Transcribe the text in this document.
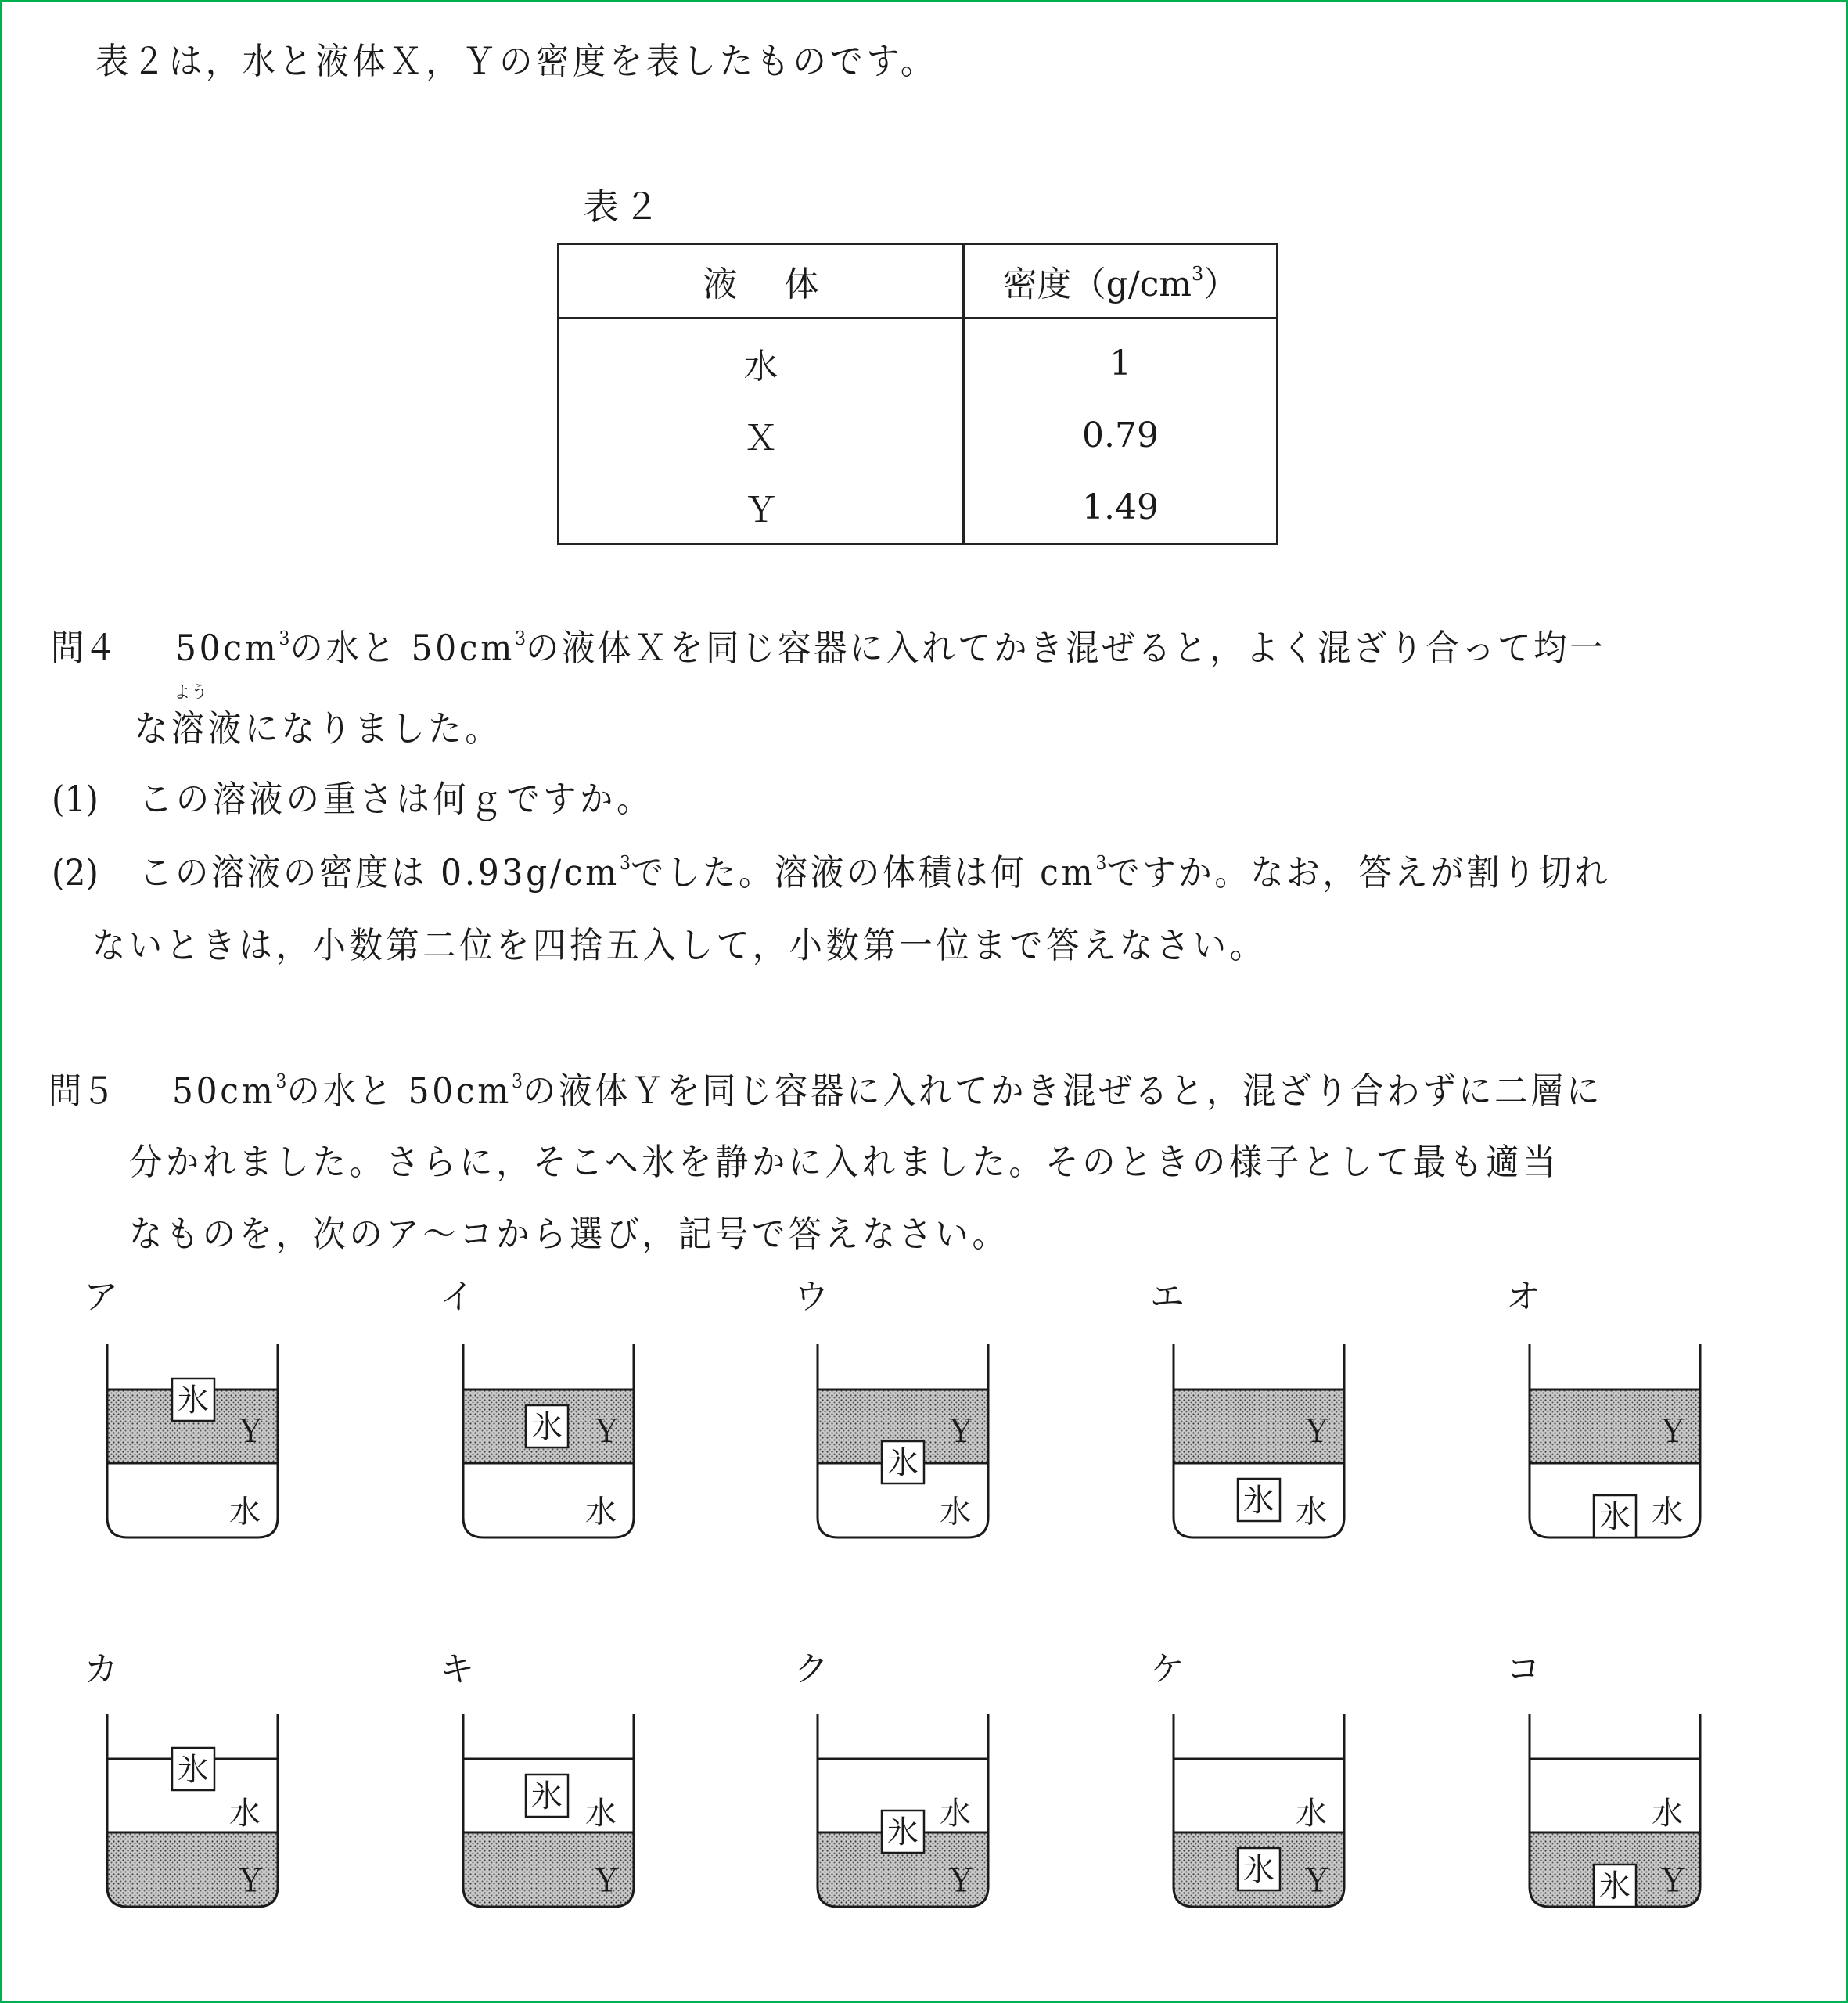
表２は，水と液体Ｘ，Ｙの密度を表したものです。
表２
液体	密度$(g/cm^3)$
水	1
Ｘ	0.79
Ｙ	1.49
問４ $50cm^3$の水と $50cm^3$の液体Ｘを同じ容器に入れてかき混ぜると，よく混ざり合って均一
な溶
よう
液になりました。
(1) この溶液の重さは何ｇですか。
(2) この溶液の密度は $0.93g/cm^3$でした。溶液の体積は何 $cm^3$ですか。なお，答えが割り切れ
ないときは，小数第二位を四捨五入して，小数第一位まで答えなさい。
問５ $50cm^3$の水と $50cm^3$の液体Ｙを同じ容器に入れてかき混ぜると，混ざり合わずに二層に
分かれました。さらに，そこへ氷を静かに入れました。そのときの様子として最も適当
なものを，次のア～コから選び，記号で答えなさい。
ア
Ｙ
水
氷
イ
Ｙ
水
氷
ウ
Ｙ
水
氷
エ
Ｙ
水
氷
オ
Ｙ
水
氷
カ
Ｙ
水
氷
キ
Ｙ
水
氷
ク
Ｙ
水
氷
ケ
Ｙ
水
氷
コ
Ｙ
水
氷
